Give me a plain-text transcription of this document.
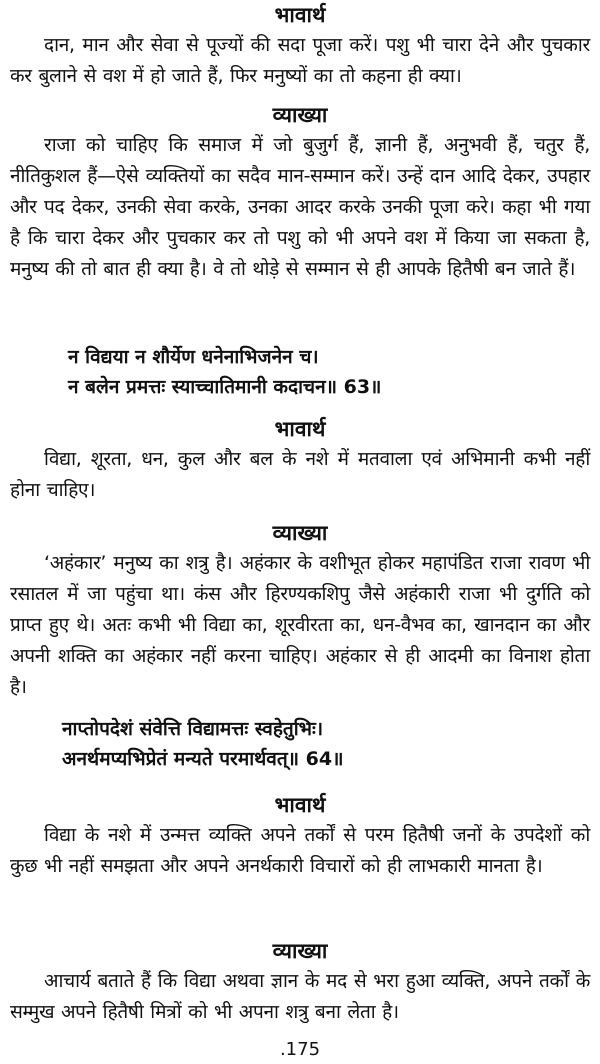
भावार्थ

दान, मान और सेवा से पूज्यों की सदा पूजा करें। पशु भी चारा देने और पुचकार कर बुलाने से वश में हो जाते हैं, फिर मनुष्यों का तो कहना ही क्या।

व्याख्या

राजा को चाहिए कि समाज में जो बुजुर्ग हैं, ज्ञानी हैं, अनुभवी हैं, चतुर हैं, नीतिकुशल हैं—ऐसे व्यक्तियों का सदैव मान-सम्मान करें। उन्हें दान आदि देकर, उपहार और पद देकर, उनकी सेवा करके, उनका आदर करके उनकी पूजा करे। कहा भी गया है कि चारा देकर और पुचकार कर तो पशु को भी अपने वश में किया जा सकता है, मनुष्य की तो बात ही क्या है। वे तो थोड़े से सम्मान से ही आपके हितैषी बन जाते हैं।

न विद्यया न शौर्येण धनेनाभिजनेन च।

न बलेन प्रमत्तः स्याच्चातिमानी कदाचन॥ 63॥

भावार्थ

विद्या, शूरता, धन, कुल और बल के नशे में मतवाला एवं अभिमानी कभी नहीं होना चाहिए।

व्याख्या

‘अहंकार’ मनुष्य का शत्रु है। अहंकार के वशीभूत होकर महापंडित राजा रावण भी रसातल में जा पहुंचा था। कंस और हिरण्यकशिपु जैसे अहंकारी राजा भी दुर्गति को प्राप्त हुए थे। अतः कभी भी विद्या का, शूरवीरता का, धन-वैभव का, खानदान का और अपनी शक्ति का अहंकार नहीं करना चाहिए। अहंकार से ही आदमी का विनाश होता है।

नाप्तोपदेशं संवेत्ति विद्यामत्तः स्वहेतुभिः।

अनर्थमप्यभिप्रेतं मन्यते परमार्थवत्॥ 64॥

भावार्थ

विद्या के नशे में उन्मत्त व्यक्ति अपने तर्कों से परम हितैषी जनों के उपदेशों को कुछ भी नहीं समझता और अपने अनर्थकारी विचारों को ही लाभकारी मानता है।

व्याख्या

आचार्य बताते हैं कि विद्या अथवा ज्ञान के मद से भरा हुआ व्यक्ति, अपने तर्कों के सम्मुख अपने हितैषी मित्रों को भी अपना शत्रु बना लेता है।

.175
